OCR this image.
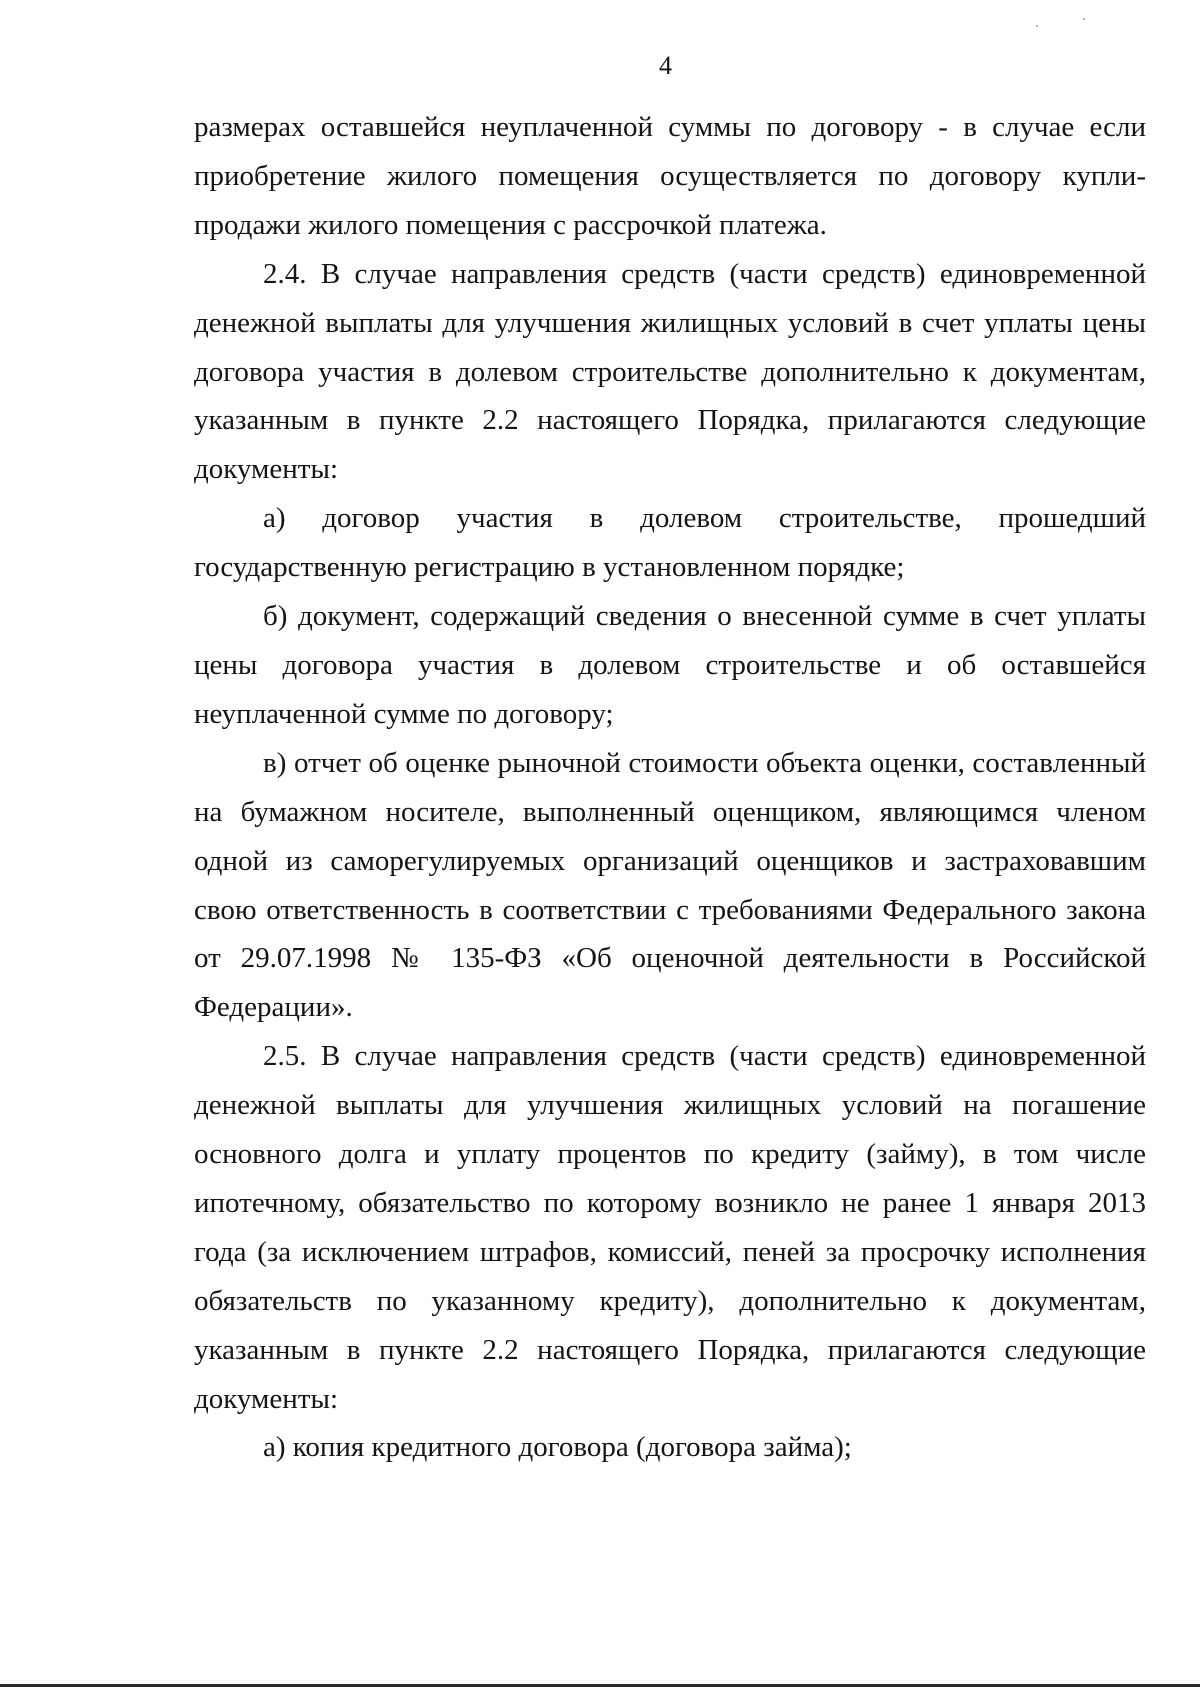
4

размерах оставшейся неуплаченной суммы по договору - в случае если приобретение жилого помещения осуществляется по договору купли-продажи жилого помещения с рассрочкой платежа.

2.4. В случае направления средств (части средств) единовременной денежной выплаты для улучшения жилищных условий в счет уплаты цены договора участия в долевом строительстве дополнительно к документам, указанным в пункте 2.2 настоящего Порядка, прилагаются следующие документы:

а) договор участия в долевом строительстве, прошедший государственную регистрацию в установленном порядке;

б) документ, содержащий сведения о внесенной сумме в счет уплаты цены договора участия в долевом строительстве и об оставшейся неуплаченной сумме по договору;

в) отчет об оценке рыночной стоимости объекта оценки, составленный на бумажном носителе, выполненный оценщиком, являющимся членом одной из саморегулируемых организаций оценщиков и застраховавшим свою ответственность в соответствии с требованиями Федерального закона от 29.07.1998 № 135-ФЗ «Об оценочной деятельности в Российской Федерации».

2.5. В случае направления средств (части средств) единовременной денежной выплаты для улучшения жилищных условий на погашение основного долга и уплату процентов по кредиту (займу), в том числе ипотечному, обязательство по которому возникло не ранее 1 января 2013 года (за исключением штрафов, комиссий, пеней за просрочку исполнения обязательств по указанному кредиту), дополнительно к документам, указанным в пункте 2.2 настоящего Порядка, прилагаются следующие документы:

а) копия кредитного договора (договора займа);
